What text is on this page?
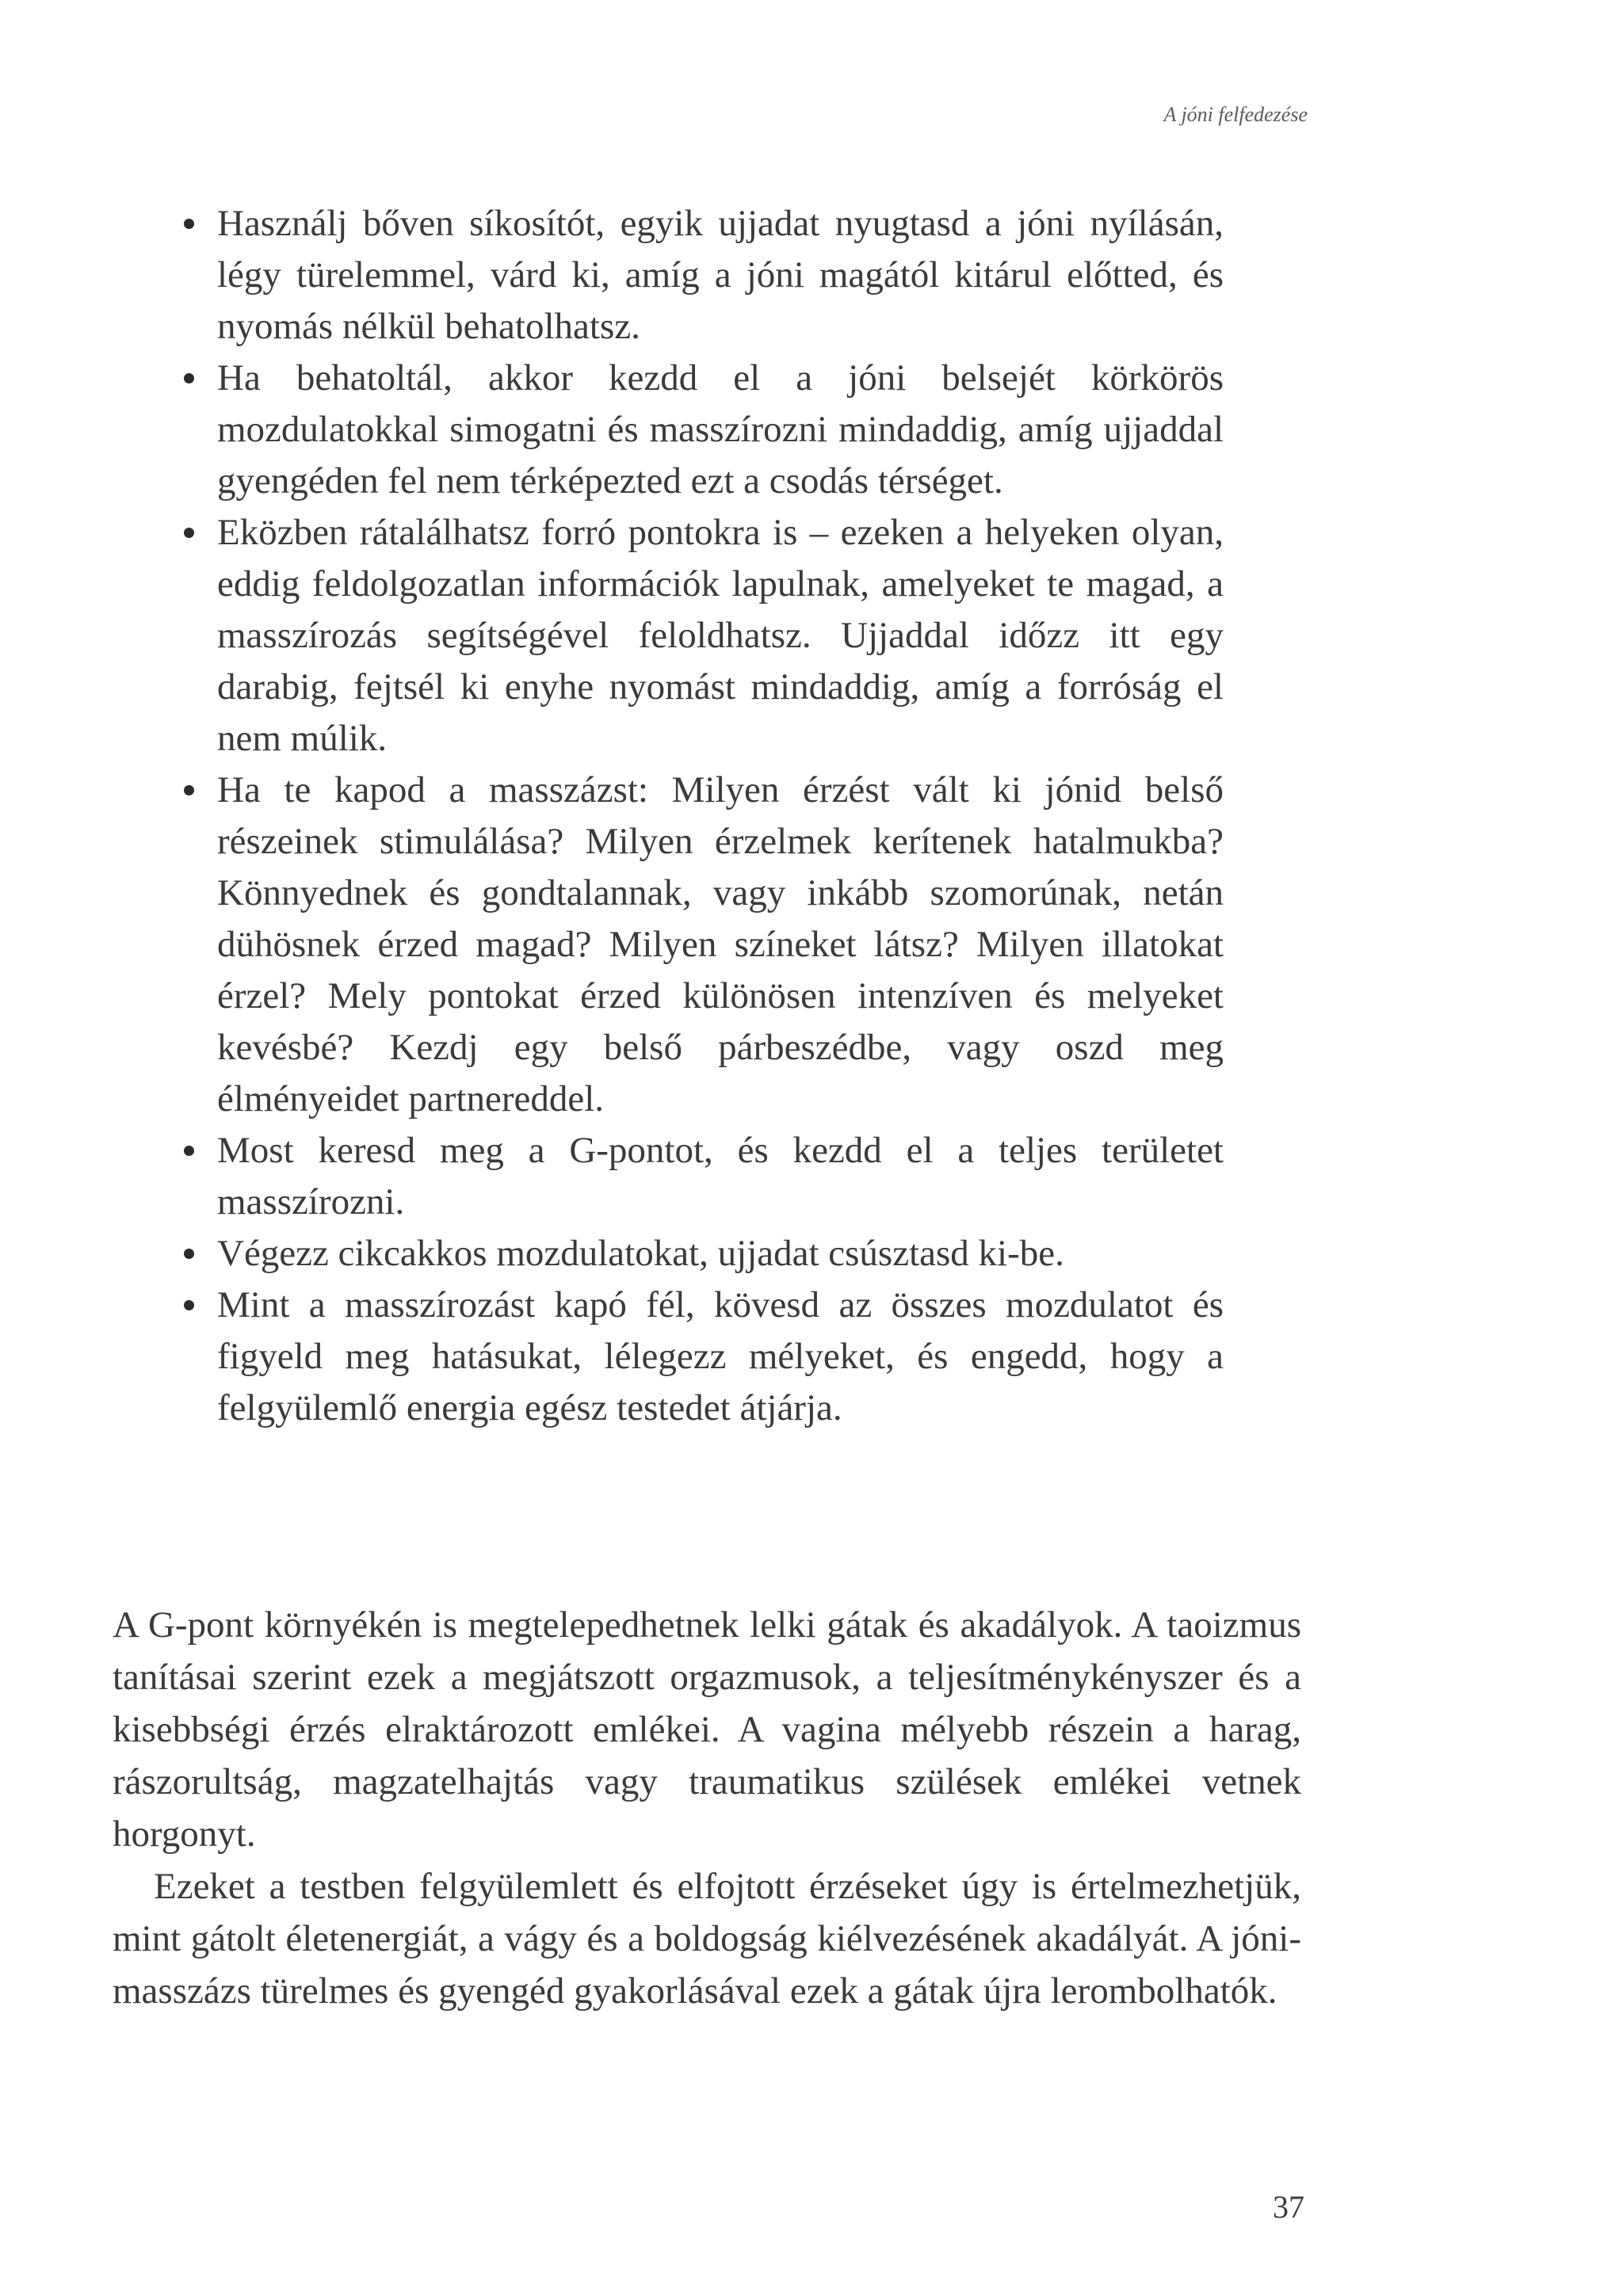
A jóni felfedezése
Használj bőven síkosítót, egyik ujjadat nyugtasd a jóni nyílásán, légy türelemmel, várd ki, amíg a jóni magától kitárul előtted, és nyomás nélkül behatolhatsz.
Ha behatoltál, akkor kezdd el a jóni belsejét körkörös mozdulatokkal simogatni és masszírozni mindaddig, amíg ujjaddal gyengéden fel nem térképezted ezt a csodás térséget.
Eközben rátalálhatsz forró pontokra is – ezeken a helyeken olyan, eddig feldolgozatlan információk lapulnak, amelyeket te magad, a masszírozás segítségével feloldhatsz. Ujjaddal időzz itt egy darabig, fejtsél ki enyhe nyomást mindaddig, amíg a forróság el nem múlik.
Ha te kapod a masszázst: Milyen érzést vált ki jónid belső részeinek stimulálása? Milyen érzelmek kerítenek hatalmukba? Könnyednek és gondtalannak, vagy inkább szomorúnak, netán dühösnek érzed magad? Milyen színeket látsz? Milyen illatokat érzel? Mely pontokat érzed különösen intenzíven és melyeket kevésbé? Kezdj egy belső párbeszédbe, vagy oszd meg élményeidet partnereddel.
Most keresd meg a G-pontot, és kezdd el a teljes területet masszírozni.
Végezz cikcakkos mozdulatokat, ujjadat csúsztasd ki-be.
Mint a masszírozást kapó fél, kövesd az összes mozdulatot és figyeld meg hatásukat, lélegezz mélyeket, és engedd, hogy a felgyülemlő energia egész testedet átjárja.

A G-pont környékén is megtelepedhetnek lelki gátak és akadályok. A taoizmus tanításai szerint ezek a megjátszott orgazmusok, a teljesítménykényszer és a kisebbségi érzés elraktározott emlékei. A vagina mélyebb részein a harag, rászorultság, magzatelhajtás vagy traumatikus szülések emlékei vetnek horgonyt.

Ezeket a testben felgyülemlett és elfojtott érzéseket úgy is értelmezhetjük, mint gátolt életenergiát, a vágy és a boldogság kiélvezésének akadályát. A jóni-masszázs türelmes és gyengéd gyakorlásával ezek a gátak újra lerombolhatók.

37
